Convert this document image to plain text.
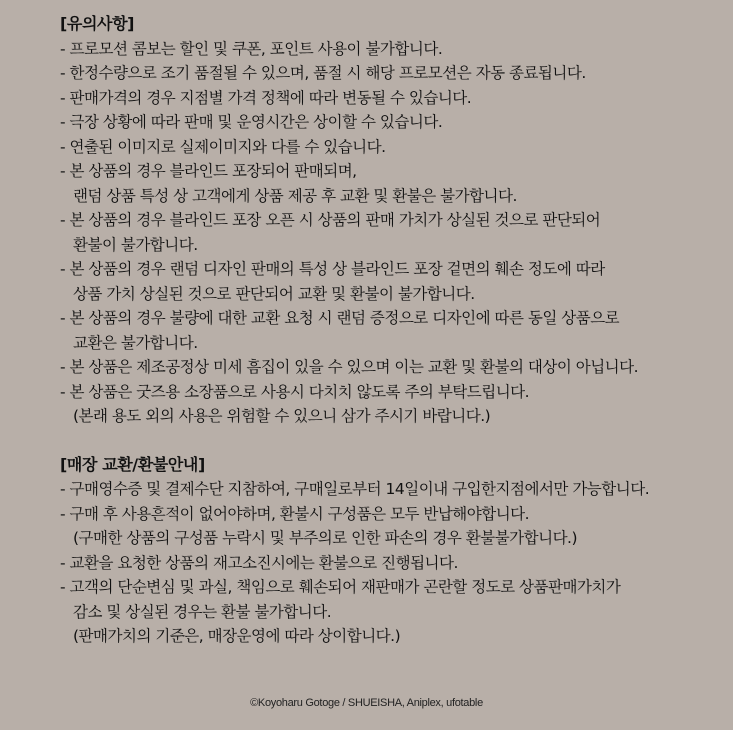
[유의사항]
- 프로모션 콤보는 할인 및 쿠폰, 포인트 사용이 불가합니다.
- 한정수량으로 조기 품절될 수 있으며, 품절 시 해당 프로모션은 자동 종료됩니다.
- 판매가격의 경우 지점별 가격 정책에 따라 변동될 수 있습니다.
- 극장 상황에 따라 판매 및 운영시간은 상이할 수 있습니다.
- 연출된 이미지로 실제이미지와 다를 수 있습니다.
- 본 상품의 경우 블라인드 포장되어 판매되며,
랜덤 상품 특성 상 고객에게 상품 제공 후 교환 및 환불은 불가합니다.
- 본 상품의 경우 블라인드 포장 오픈 시 상품의 판매 가치가 상실된 것으로 판단되어
환불이 불가합니다.
- 본 상품의 경우 랜덤 디자인 판매의 특성 상 블라인드 포장 겉면의 훼손 정도에 따라
상품 가치 상실된 것으로 판단되어 교환 및 환불이 불가합니다.
- 본 상품의 경우 불량에 대한 교환 요청 시 랜덤 증정으로 디자인에 따른 동일 상품으로
교환은 불가합니다.
- 본 상품은 제조공정상 미세 흠집이 있을 수 있으며 이는 교환 및 환불의 대상이 아닙니다.
- 본 상품은 굿즈용 소장품으로 사용시 다치치 않도록 주의 부탁드립니다.
(본래 용도 외의 사용은 위험할 수 있으니 삼가 주시기 바랍니다.)
[매장 교환/환불안내]
- 구매영수증 및 결제수단 지참하여, 구매일로부터 14일이내 구입한지점에서만 가능합니다.
- 구매 후 사용흔적이 없어야하며, 환불시 구성품은 모두 반납해야합니다.
(구매한 상품의 구성품 누락시 및 부주의로 인한 파손의 경우 환불불가합니다.)
- 교환을 요청한 상품의 재고소진시에는 환불으로 진행됩니다.
- 고객의 단순변심 및 과실, 책임으로 훼손되어 재판매가 곤란할 정도로 상품판매가치가
감소 및 상실된 경우는 환불 불가합니다.
(판매가치의 기준은, 매장운영에 따라 상이합니다.)
©Koyoharu Gotoge / SHUEISHA, Aniplex, ufotable
